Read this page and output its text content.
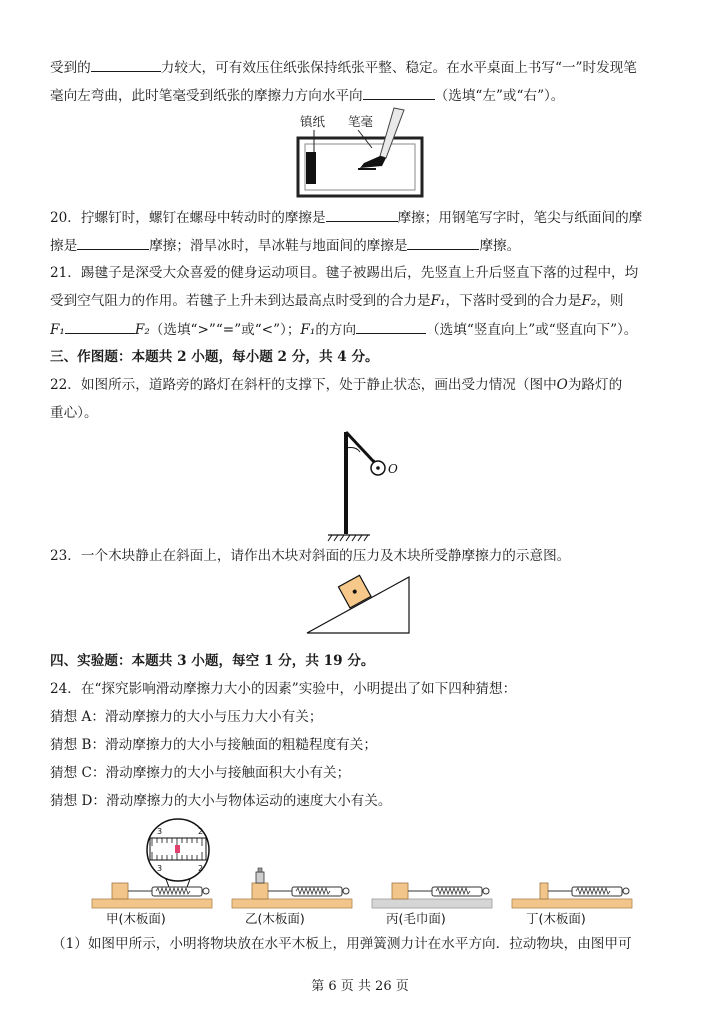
受到的	力较大，可有效压住纸张保持纸张平整、稳定。在水平桌面上书写“一”时发现笔
毫向左弯曲，此时笔毫受到纸张的摩擦力方向水平向	（选填“左”或“右”）。
镇纸 笔毫
20．拧螺钉时，螺钉在螺母中转动时的摩擦是	摩擦；用钢笔写字时，笔尖与纸面间的摩
擦是	摩擦；滑旱冰时，旱冰鞋与地面间的摩擦是	摩擦。
21．踢毽子是深受大众喜爱的健身运动项目。毽子被踢出后，先竖直上升后竖直下落的过程中，均
受到空气阻力的作用。若毽子上升未到达最高点时受到的合力是F₁，下落时受到的合力是F₂，则
F₁	F₂（选填“>”“=”或“<”）；F₁的方向	（选填“竖直向上”或“竖直向下”）。
三、作图题：本题共 2 小题，每小题 2 分，共 4 分。
22．如图所示，道路旁的路灯在斜杆的支撑下，处于静止状态，画出受力情况（图中O为路灯的
重心）。
O
23．一个木块静止在斜面上，请作出木块对斜面的压力及木块所受静摩擦力的示意图。
四、实验题：本题共 3 小题，每空 1 分，共 19 分。
24．在“探究影响滑动摩擦力大小的因素”实验中，小明提出了如下四种猜想：
猜想 A：滑动摩擦力的大小与压力大小有关；
猜想 B：滑动摩擦力的大小与接触面的粗糙程度有关；
猜想 C：滑动摩擦力的大小与接触面积大小有关；
猜想 D：滑动摩擦力的大小与物体运动的速度大小有关。
3	2
3	2
甲(木板面)	乙(木板面)	丙(毛巾面)	丁(木板面)
（1）如图甲所示，小明将物块放在水平木板上，用弹簧测力计在水平方向．拉动物块，由图甲可
第 6 页 共 26 页
